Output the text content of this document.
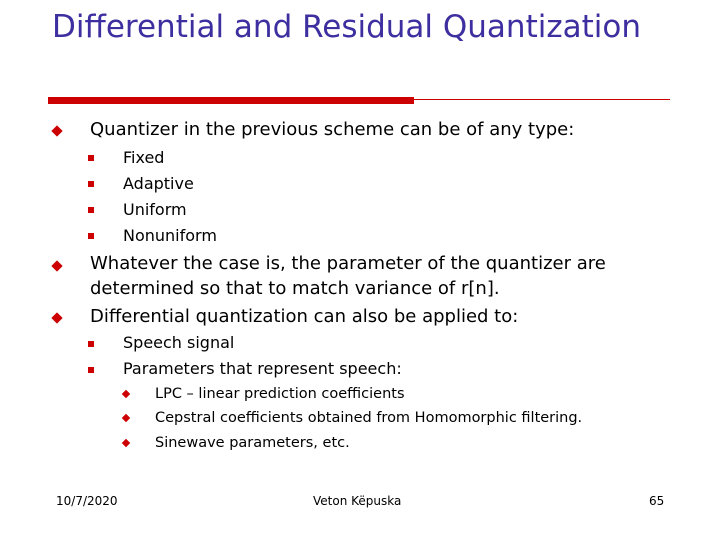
Differential and Residual Quantization
Quantizer in the previous scheme can be of any type:
Fixed
Adaptive
Uniform
Nonuniform
Whatever the case is, the parameter of the quantizer are
determined so that to match variance of r[n].
Differential quantization can also be applied to:
Speech signal
Parameters that represent speech:
LPC – linear prediction coefficients
Cepstral coefficients obtained from Homomorphic filtering.
Sinewave parameters, etc.
10/7/2020	Veton Këpuska	65
